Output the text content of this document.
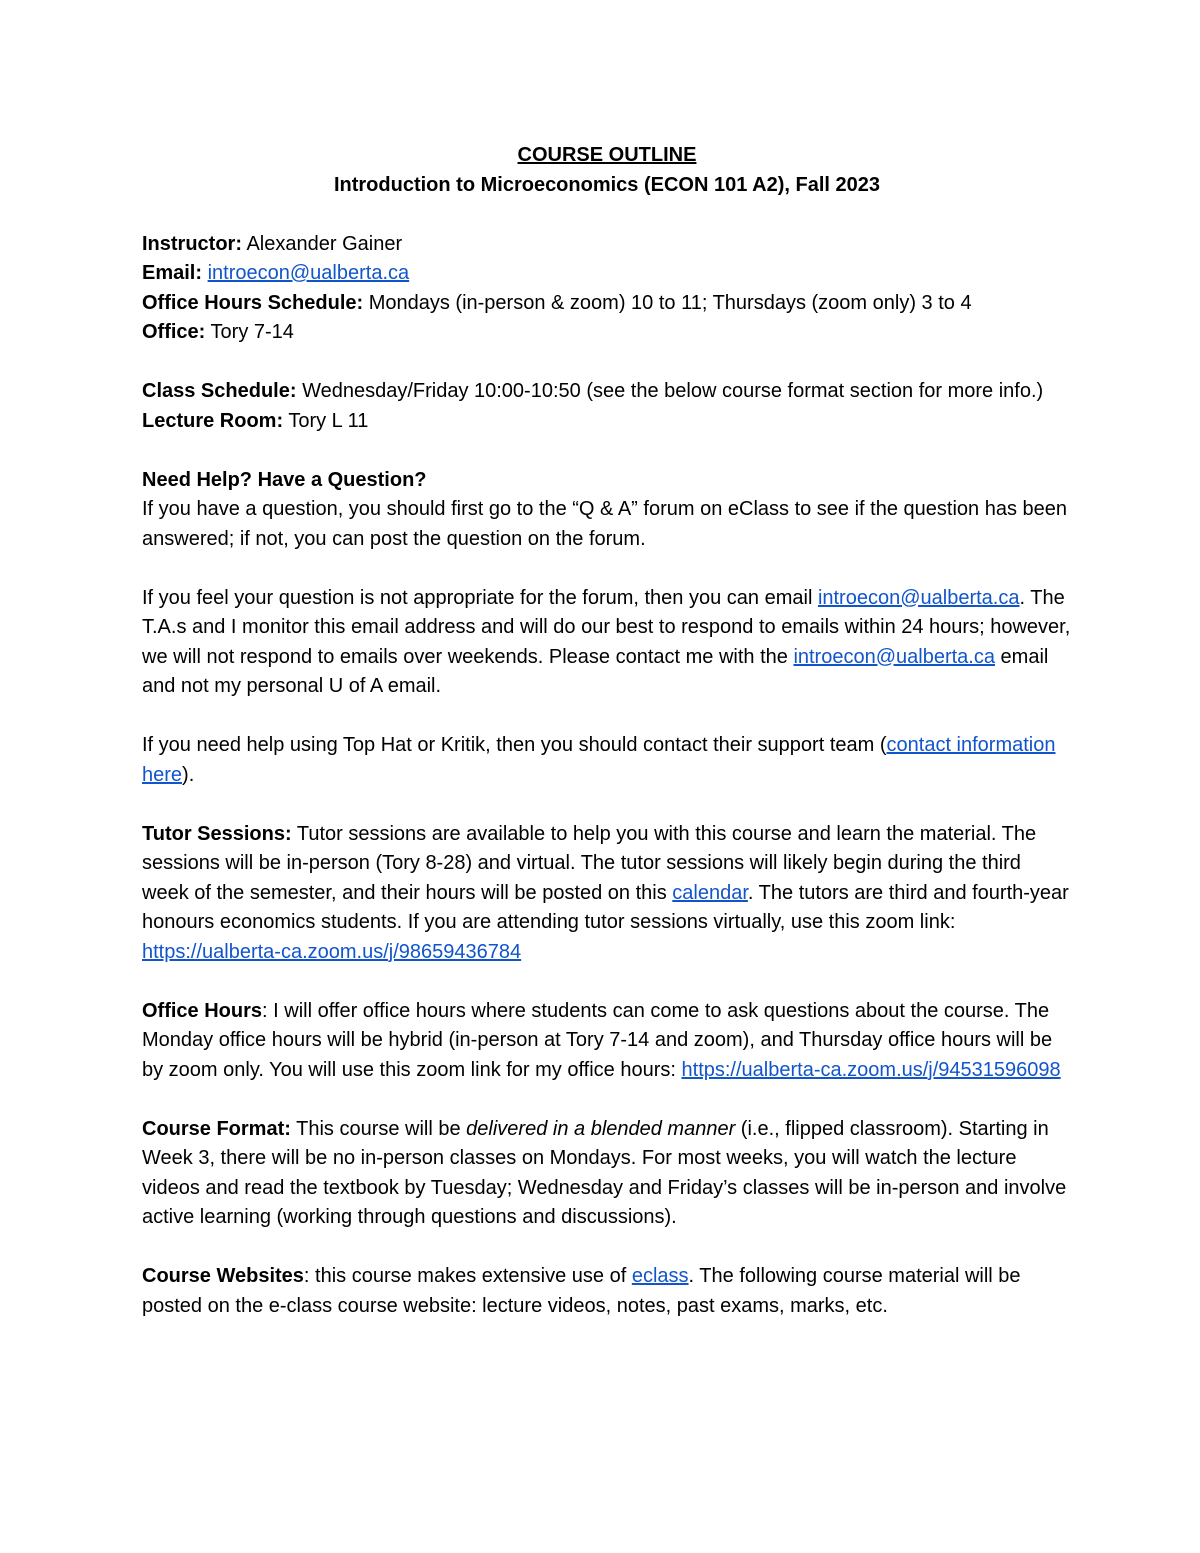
COURSE OUTLINE

Introduction to Microeconomics (ECON 101 A2), Fall 2023

Instructor: Alexander Gainer

Email: introecon@ualberta.ca

Office Hours Schedule: Mondays (in-person & zoom) 10 to 11; Thursdays (zoom only) 3 to 4

Office: Tory 7-14

Class Schedule: Wednesday/Friday 10:00-10:50 (see the below course format section for more info.)

Lecture Room: Tory L 11

Need Help? Have a Question?

If you have a question, you should first go to the “Q & A” forum on eClass to see if the question has been answered; if not, you can post the question on the forum.

If you feel your question is not appropriate for the forum, then you can email introecon@ualberta.ca. The T.A.s and I monitor this email address and will do our best to respond to emails within 24 hours; however, we will not respond to emails over weekends. Please contact me with the introecon@ualberta.ca email and not my personal U of A email.

If you need help using Top Hat or Kritik, then you should contact their support team (contact information here).

Tutor Sessions: Tutor sessions are available to help you with this course and learn the material. The sessions will be in-person (Tory 8-28) and virtual. The tutor sessions will likely begin during the third week of the semester, and their hours will be posted on this calendar. The tutors are third and fourth-year honours economics students. If you are attending tutor sessions virtually, use this zoom link: https://ualberta-ca.zoom.us/j/98659436784

Office Hours: I will offer office hours where students can come to ask questions about the course. The Monday office hours will be hybrid (in-person at Tory 7-14 and zoom), and Thursday office hours will be by zoom only. You will use this zoom link for my office hours: https://ualberta-ca.zoom.us/j/94531596098

Course Format: This course will be delivered in a blended manner (i.e., flipped classroom). Starting in Week 3, there will be no in-person classes on Mondays. For most weeks, you will watch the lecture videos and read the textbook by Tuesday; Wednesday and Friday’s classes will be in-person and involve active learning (working through questions and discussions).

Course Websites: this course makes extensive use of eclass. The following course material will be posted on the e-class course website: lecture videos, notes, past exams, marks, etc.
